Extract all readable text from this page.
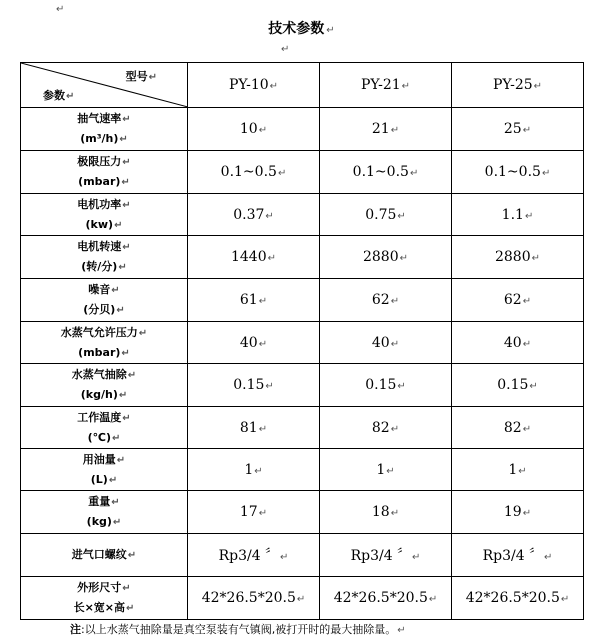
↵
技术参数 ↵
↵
型号↵
参数↵	PY-10↵	PY-21↵	PY-25↵
抽气速率↵
(m³/h)↵	10↵	21↵	25↵
极限压力↵
(mbar)↵	0.1~0.5↵	0.1~0.5↵	0.1~0.5↵
电机功率↵
(kw)↵	0.37↵	0.75↵	1.1↵
电机转速↵
(转/分)↵	1440↵	2880↵	2880↵
噪音↵
(分贝)↵	61↵	62↵	62↵
水蒸气允许压力↵
(mbar)↵	40↵	40↵	40↵
水蒸气抽除↵
(kg/h)↵	0.15↵	0.15↵	0.15↵
工作温度↵
(℃)↵	81↵	82↵	82↵
用油量↵
(L)↵	1↵	1↵	1↵
重量↵
(kg)↵	17↵	18↵	19↵
进气口螺纹↵	Rp3/4 〞↵	Rp3/4 〞↵	Rp3/4 〞↵
外形尺寸↵
长×宽×高↵	42*26.5*20.5↵	42*26.5*20.5↵	42*26.5*20.5↵
注:以上水蒸气抽除量是真空泵装有气镇阀,被打开时的最大抽除量。↵
